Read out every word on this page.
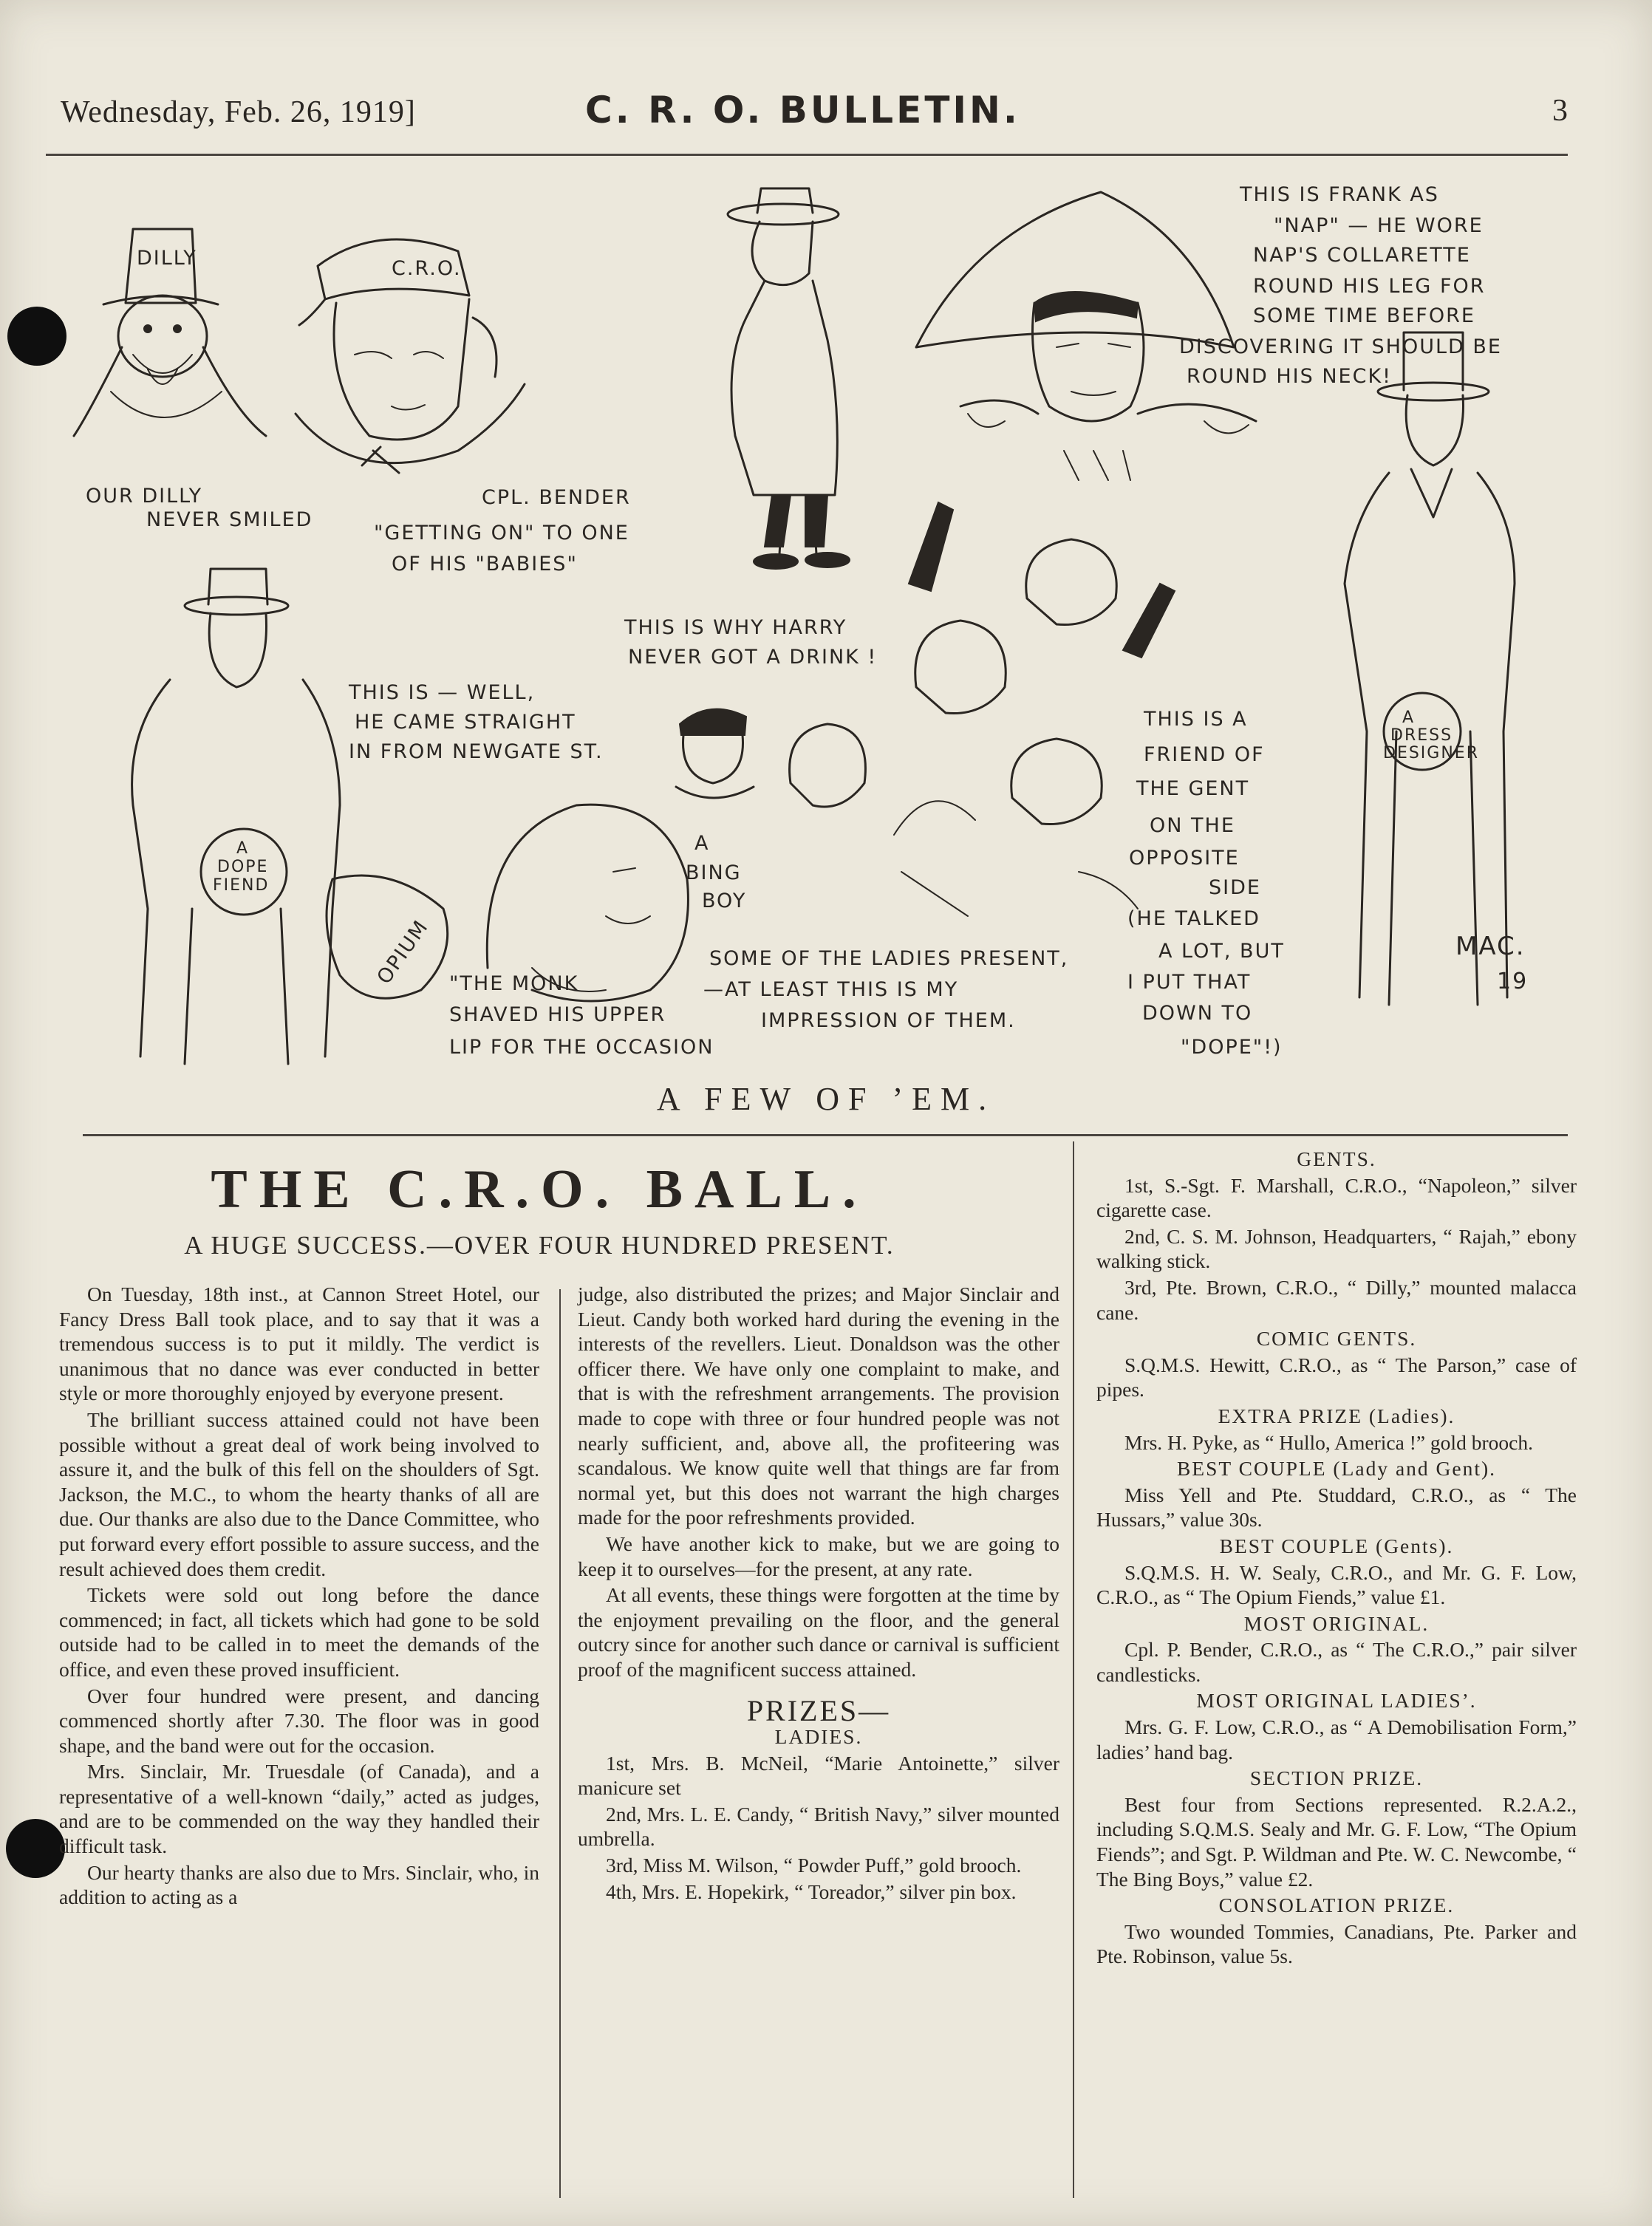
Wednesday, Feb. 26, 1919]	C. R. O. BULLETIN.	3
DILLY
OUR DILLY
NEVER SMILED
C.R.O.
CPL. BENDER
"GETTING ON" TO ONE
OF HIS "BABIES"
THIS IS WHY HARRY
NEVER GOT A DRINK !
THIS IS FRANK AS
"NAP" — HE WORE
NAP'S COLLARETTE
ROUND HIS LEG FOR
SOME TIME BEFORE
DISCOVERING IT SHOULD BE
ROUND HIS NECK!
A
DRESS
DESIGNER
A
DOPE
FIEND
OPIUM
THIS IS — WELL,
HE CAME STRAIGHT
IN FROM NEWGATE ST.
"THE MONK
SHAVED HIS UPPER
LIP FOR THE OCCASION
A
BING
BOY
SOME OF THE LADIES PRESENT,
—AT LEAST THIS IS MY
IMPRESSION OF THEM.
THIS IS A
FRIEND OF
THE GENT
ON THE
OPPOSITE
SIDE
(HE TALKED
A LOT, BUT
I PUT THAT
DOWN TO
"DOPE"!)
MAC.
19
A FEW OF ’EM.
THE C.R.O. BALL.
A HUGE SUCCESS.—OVER FOUR HUNDRED PRESENT.

On Tuesday, 18th inst., at Cannon Street Hotel, our Fancy Dress Ball took place, and to say that it was a tremendous success is to put it mildly. The verdict is unanimous that no dance was ever conducted in better style or more thoroughly enjoyed by everyone present.

The brilliant success attained could not have been possible without a great deal of work being involved to assure it, and the bulk of this fell on the shoulders of Sgt. Jackson, the M.C., to whom the hearty thanks of all are due. Our thanks are also due to the Dance Committee, who put forward every effort possible to assure success, and the result achieved does them credit.

Tickets were sold out long before the dance commenced; in fact, all tickets which had gone to be sold outside had to be called in to meet the demands of the office, and even these proved insufficient.

Over four hundred were present, and dancing commenced shortly after 7.30. The floor was in good shape, and the band were out for the occasion.

Mrs. Sinclair, Mr. Truesdale (of Canada), and a representative of a well-known “daily,” acted as judges, and are to be commended on the way they handled their difficult task.

Our hearty thanks are also due to Mrs. Sinclair, who, in addition to acting as a

judge, also distributed the prizes; and Major Sinclair and Lieut. Candy both worked hard during the evening in the interests of the revellers. Lieut. Donaldson was the other officer there. We have only one complaint to make, and that is with the refreshment arrangements. The provision made to cope with three or four hundred people was not nearly sufficient, and, above all, the profiteering was scandalous. We know quite well that things are far from normal yet, but this does not warrant the high charges made for the poor refreshments provided.

We have another kick to make, but we are going to keep it to ourselves—for the present, at any rate.

At all events, these things were forgotten at the time by the enjoyment prevailing on the floor, and the general outcry since for another such dance or carnival is sufficient proof of the magnificent success attained.

PRIZES—
LADIES.

1st, Mrs. B. McNeil, “Marie Antoinette,” silver manicure set

2nd, Mrs. L. E. Candy, “ British Navy,” silver mounted umbrella.

3rd, Miss M. Wilson, “ Powder Puff,” gold brooch.

4th, Mrs. E. Hopekirk, “ Toreador,” silver pin box.

GENTS.

1st, S.-Sgt. F. Marshall, C.R.O., “Napoleon,” silver cigarette case.

2nd, C. S. M. Johnson, Headquarters, “ Rajah,” ebony walking stick.

3rd, Pte. Brown, C.R.O., “ Dilly,” mounted malacca cane.

COMIC GENTS.

S.Q.M.S. Hewitt, C.R.O., as “ The Parson,” case of pipes.

EXTRA PRIZE (Ladies).

Mrs. H. Pyke, as “ Hullo, America !” gold brooch.

BEST COUPLE (Lady and Gent).

Miss Yell and Pte. Studdard, C.R.O., as “ The Hussars,” value 30s.

BEST COUPLE (Gents).

S.Q.M.S. H. W. Sealy, C.R.O., and Mr. G. F. Low, C.R.O., as “ The Opium Fiends,” value £1.

MOST ORIGINAL.

Cpl. P. Bender, C.R.O., as “ The C.R.O.,” pair silver candlesticks.

MOST ORIGINAL LADIES’.

Mrs. G. F. Low, C.R.O., as “ A Demobilisation Form,” ladies’ hand bag.

SECTION PRIZE.

Best four from Sections represented. R.2.A.2., including S.Q.M.S. Sealy and Mr. G. F. Low, “The Opium Fiends”; and Sgt. P. Wildman and Pte. W. C. Newcombe, “ The Bing Boys,” value £2.

CONSOLATION PRIZE.

Two wounded Tommies, Canadians, Pte. Parker and Pte. Robinson, value 5s.
